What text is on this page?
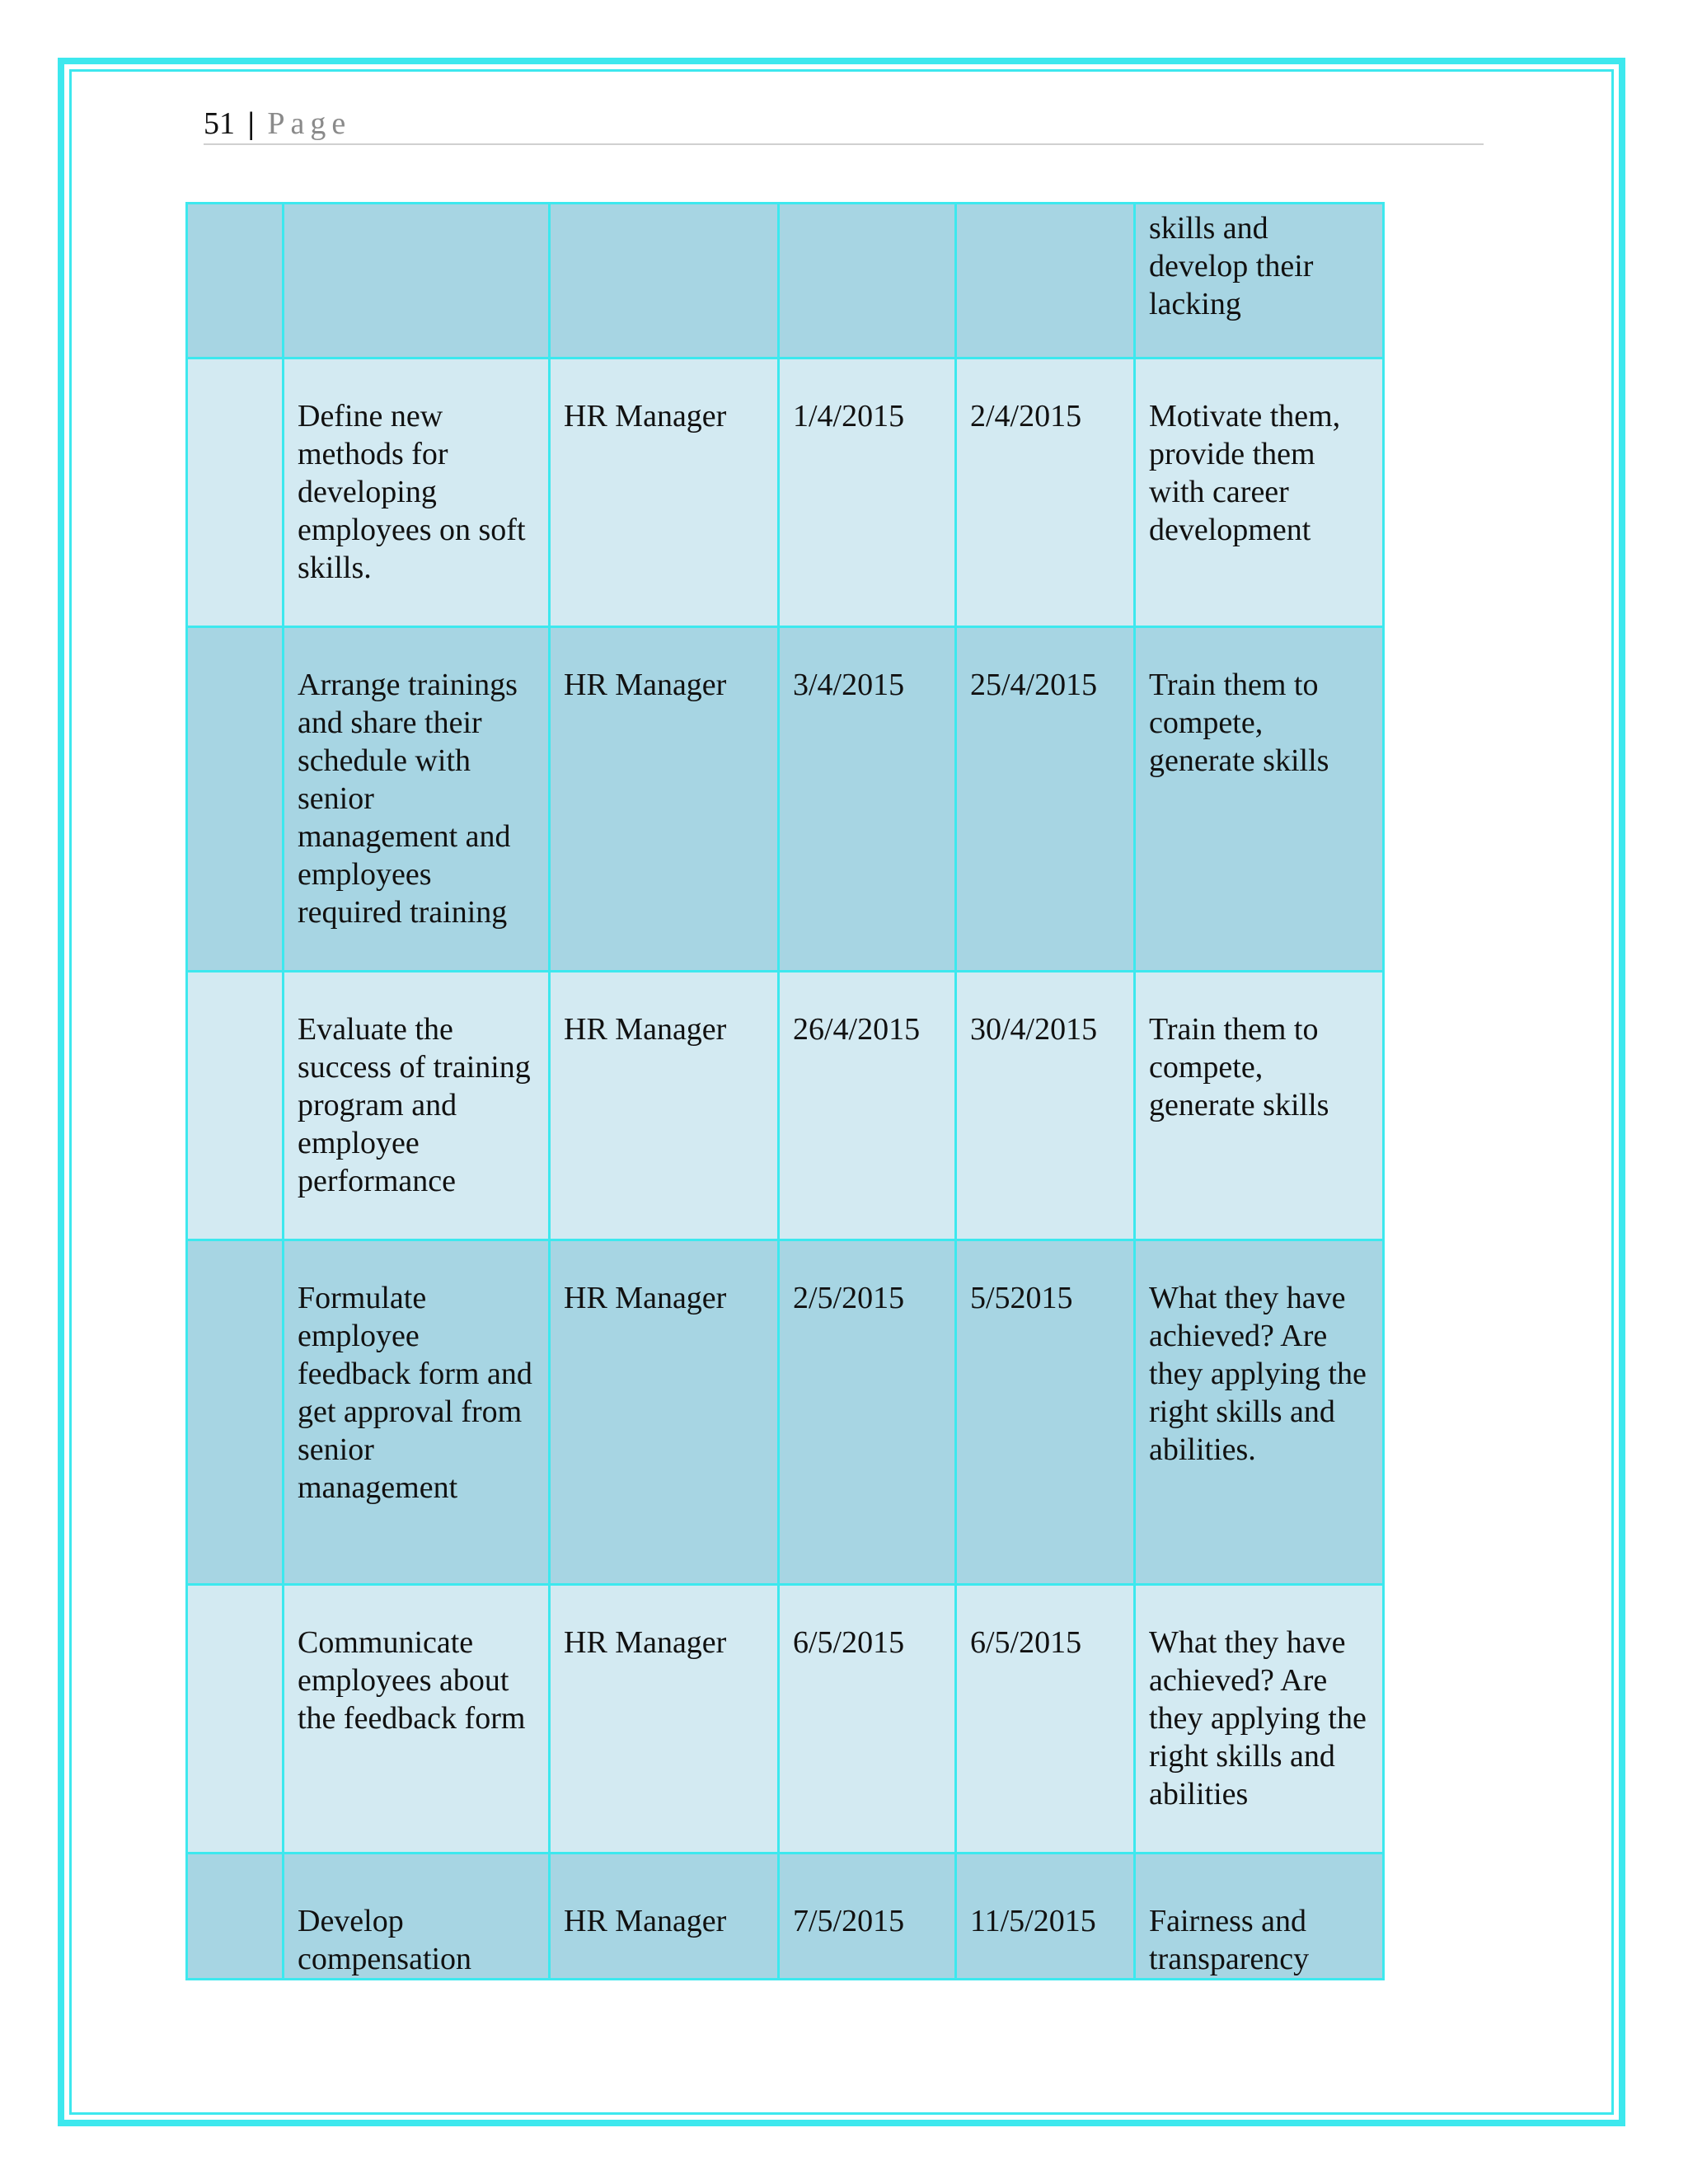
51 | Page
					skills and develop their lacking
	Define new methods for developing employees on soft skills.	HR Manager	1/4/2015	2/4/2015	Motivate them, provide them with career development
	Arrange trainings and share their schedule with senior management and employees required training	HR Manager	3/4/2015	25/4/2015	Train them to compete, generate skills
	Evaluate the success of training program and employee performance	HR Manager	26/4/2015	30/4/2015	Train them to compete, generate skills
	Formulate employee feedback form and get approval from senior management	HR Manager	2/5/2015	5/52015	What they have achieved? Are they applying the right skills and abilities.
	Communicate employees about the feedback form	HR Manager	6/5/2015	6/5/2015	What they have achieved? Are they applying the right skills and abilities
	Develop compensation	HR Manager	7/5/2015	11/5/2015	Fairness and transparency
